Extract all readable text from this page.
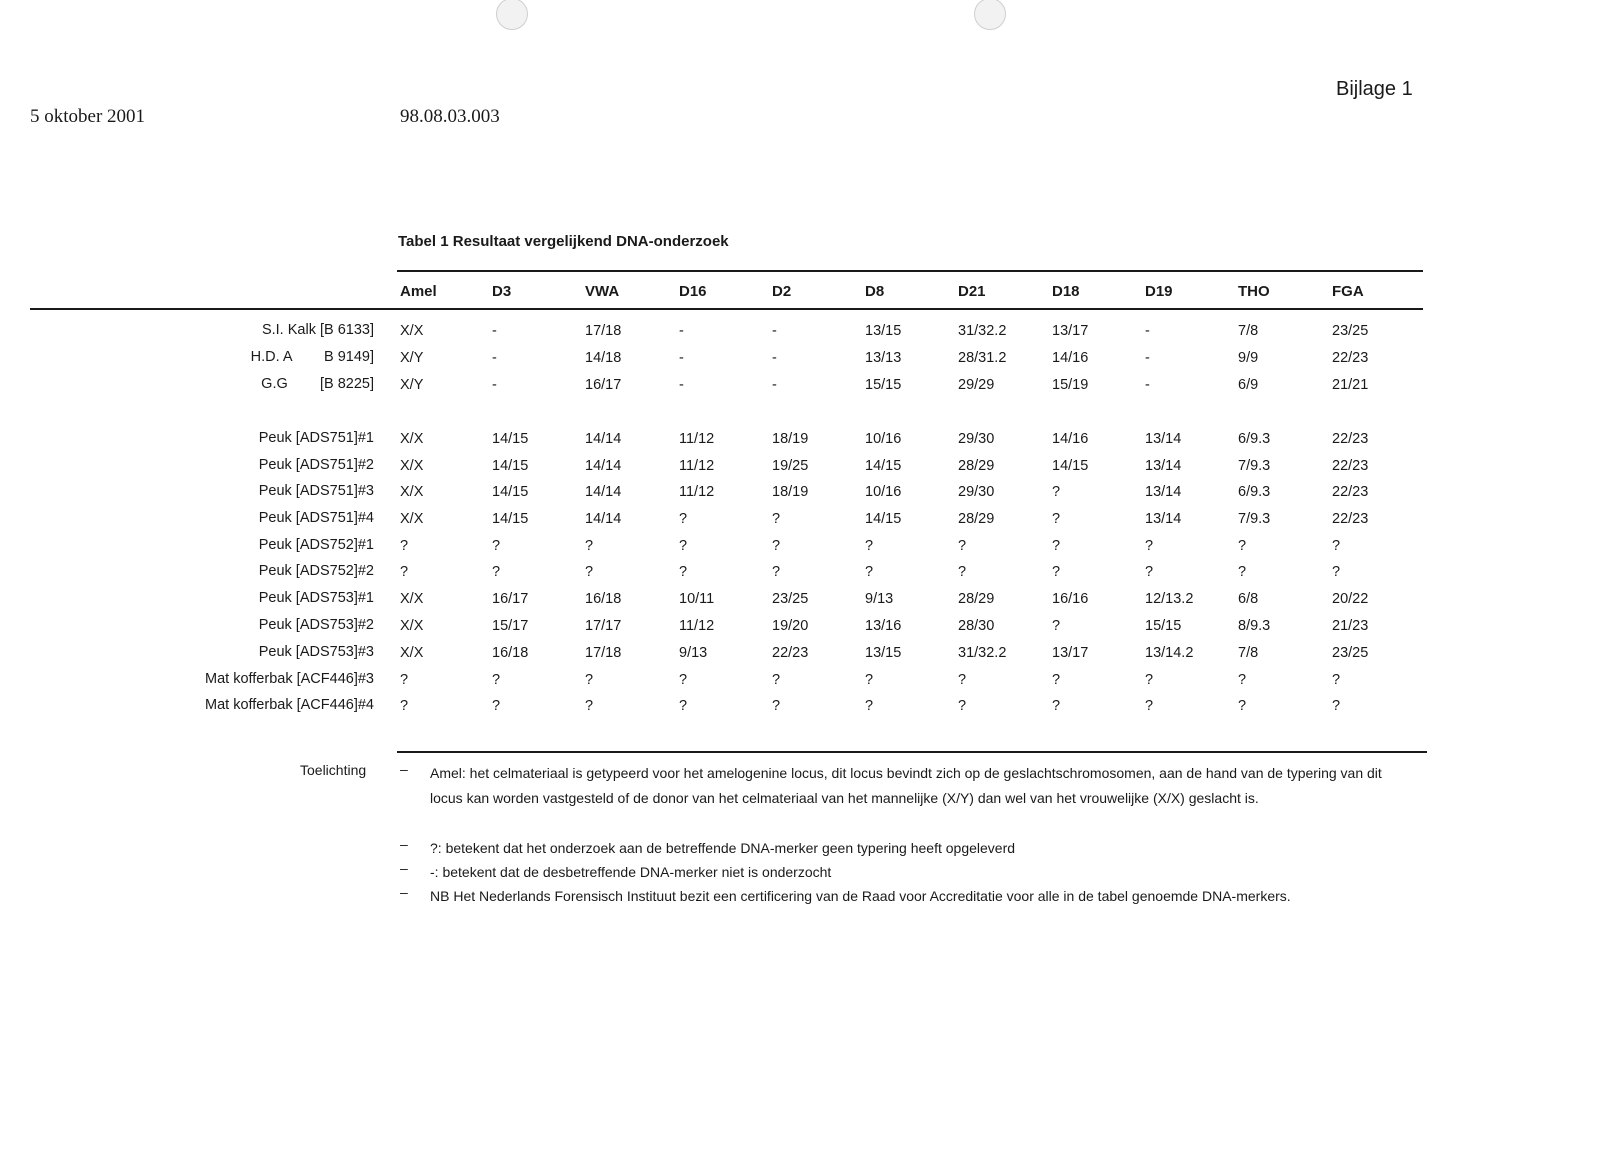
5 oktober 2001	98.08.03.003
Bijlage 1
Tabel 1 Resultaat vergelijkend DNA-onderzoek
Amel	D3	VWA	D16	D2	D8	D21	D18	D19	THO	FGA
S.I. Kalk [B 6133] X/X	-	17/18	-	-	13/15	31/32.2	13/17	-	7/8	23/25
H.D. A        B 9149] X/Y	-	14/18	-	-	13/13	28/31.2	14/16	-	9/9	22/23
G.G        [B 8225] X/Y	-	16/17	-	-	15/15	29/29	15/19	-	6/9	21/21
Peuk [ADS751]#1 X/X	14/15	14/14	11/12	18/19	10/16	29/30	14/16	13/14	6/9.3	22/23
Peuk [ADS751]#2 X/X	14/15	14/14	11/12	19/25	14/15	28/29	14/15	13/14	7/9.3	22/23
Peuk [ADS751]#3 X/X	14/15	14/14	11/12	18/19	10/16	29/30	?	13/14	6/9.3	22/23
Peuk [ADS751]#4 X/X	14/15	14/14	?	?	14/15	28/29	?	13/14	7/9.3	22/23
Peuk [ADS752]#1 ?	?	?	?	?	?	?	?	?	?	?
Peuk [ADS752]#2 ?	?	?	?	?	?	?	?	?	?	?
Peuk [ADS753]#1 X/X	16/17	16/18	10/11	23/25	9/13	28/29	16/16	12/13.2	6/8	20/22
Peuk [ADS753]#2 X/X	15/17	17/17	11/12	19/20	13/16	28/30	?	15/15	8/9.3	21/23
Peuk [ADS753]#3 X/X	16/18	17/18	9/13	22/23	13/15	31/32.2	13/17	13/14.2	7/8	23/25
Mat kofferbak [ACF446]#3 ?	?	?	?	?	?	?	?	?	?	?
Mat kofferbak [ACF446]#4 ?	?	?	?	?	?	?	?	?	?	?
Toelichting – Amel: het celmateriaal is getypeerd voor het amelogenine locus, dit locus bevindt zich op de geslachtschromosomen, aan de hand van de typering van dit locus kan worden vastgesteld of de donor van het celmateriaal van het mannelijke (X/Y) dan wel van het vrouwelijke (X/X) geslacht is.
– ?: betekent dat het onderzoek aan de betreffende DNA-merker geen typering heeft opgeleverd
– -: betekent dat de desbetreffende DNA-merker niet is onderzocht
– NB Het Nederlands Forensisch Instituut bezit een certificering van de Raad voor Accreditatie voor alle in de tabel genoemde DNA-merkers.
